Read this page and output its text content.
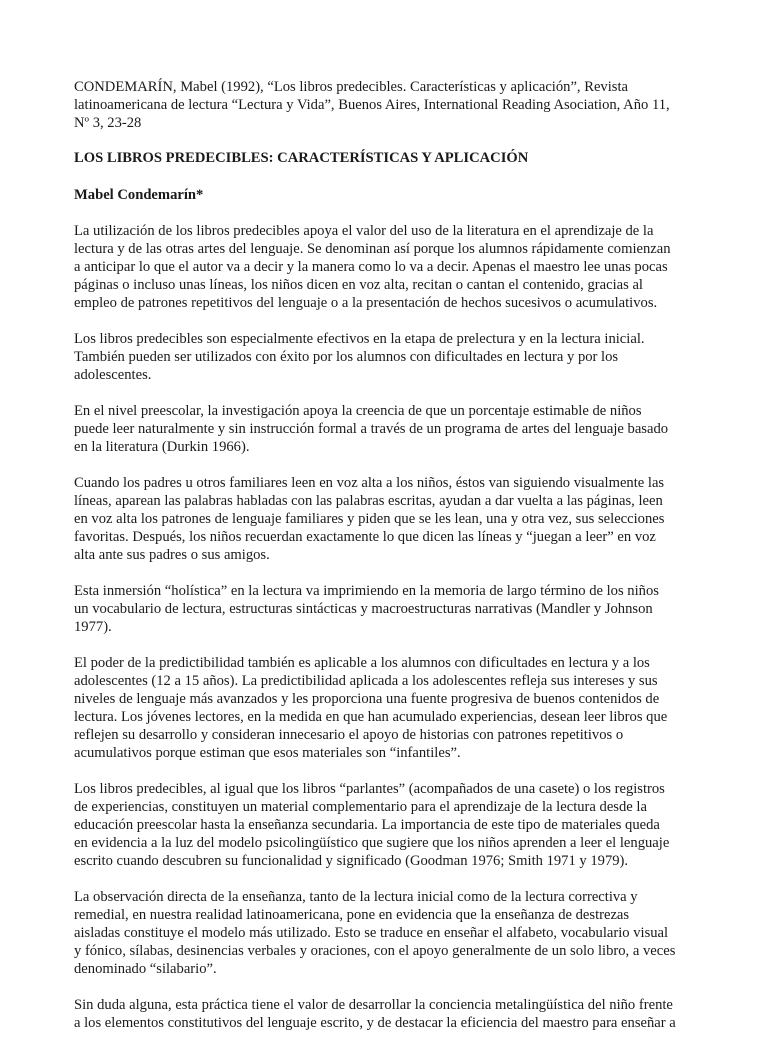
CONDEMARÍN, Mabel (1992), “Los libros predecibles. Características y aplicación”, Revista
latinoamericana de lectura “Lectura y Vida”, Buenos Aires, International Reading Asociation, Año 11,
Nº 3, 23-28
LOS LIBROS PREDECIBLES: CARACTERÍSTICAS Y APLICACIÓN
Mabel Condemarín*
La utilización de los libros predecibles apoya el valor del uso de la literatura en el aprendizaje de la
lectura y de las otras artes del lenguaje. Se denominan así porque los alumnos rápidamente comienzan
a anticipar lo que el autor va a decir y la manera como lo va a decir. Apenas el maestro lee unas pocas
páginas o incluso unas líneas, los niños dicen en voz alta, recitan o cantan el contenido, gracias al
empleo de patrones repetitivos del lenguaje o a la presentación de hechos sucesivos o acumulativos.
Los libros predecibles son especialmente efectivos en la etapa de prelectura y en la lectura inicial.
También pueden ser utilizados con éxito por los alumnos con dificultades en lectura y por los
adolescentes.
En el nivel preescolar, la investigación apoya la creencia de que un porcentaje estimable de niños
puede leer naturalmente y sin instrucción formal a través de un programa de artes del lenguaje basado
en la literatura (Durkin 1966).
Cuando los padres u otros familiares leen en voz alta a los niños, éstos van siguiendo visualmente las
líneas, aparean las palabras habladas con las palabras escritas, ayudan a dar vuelta a las páginas, leen
en voz alta los patrones de lenguaje familiares y piden que se les lean, una y otra vez, sus selecciones
favoritas. Después, los niños recuerdan exactamente lo que dicen las líneas y “juegan a leer” en voz
alta ante sus padres o sus amigos.
Esta inmersión “holística” en la lectura va imprimiendo en la memoria de largo término de los niños
un vocabulario de lectura, estructuras sintácticas y macroestructuras narrativas (Mandler y Johnson
1977).
El poder de la predictibilidad también es aplicable a los alumnos con dificultades en lectura y a los
adolescentes (12 a 15 años). La predictibilidad aplicada a los adolescentes refleja sus intereses y sus
niveles de lenguaje más avanzados y les proporciona una fuente progresiva de buenos contenidos de
lectura. Los jóvenes lectores, en la medida en que han acumulado experiencias, desean leer libros que
reflejen su desarrollo y consideran innecesario el apoyo de historias con patrones repetitivos o
acumulativos porque estiman que esos materiales son “infantiles”.
Los libros predecibles, al igual que los libros “parlantes” (acompañados de una casete) o los registros
de experiencias, constituyen un material complementario para el aprendizaje de la lectura desde la
educación preescolar hasta la enseñanza secundaria. La importancia de este tipo de materiales queda
en evidencia a la luz del modelo psicolingüístico que sugiere que los niños aprenden a leer el lenguaje
escrito cuando descubren su funcionalidad y significado (Goodman 1976; Smith 1971 y 1979).
La observación directa de la enseñanza, tanto de la lectura inicial como de la lectura correctiva y
remedial, en nuestra realidad latinoamericana, pone en evidencia que la enseñanza de destrezas
aisladas constituye el modelo más utilizado. Esto se traduce en enseñar el alfabeto, vocabulario visual
y fónico, sílabas, desinencias verbales y oraciones, con el apoyo generalmente de un solo libro, a veces
denominado “silabario”.
Sin duda alguna, esta práctica tiene el valor de desarrollar la conciencia metalingüística del niño frente
a los elementos constitutivos del lenguaje escrito, y de destacar la eficiencia del maestro para enseñar a
